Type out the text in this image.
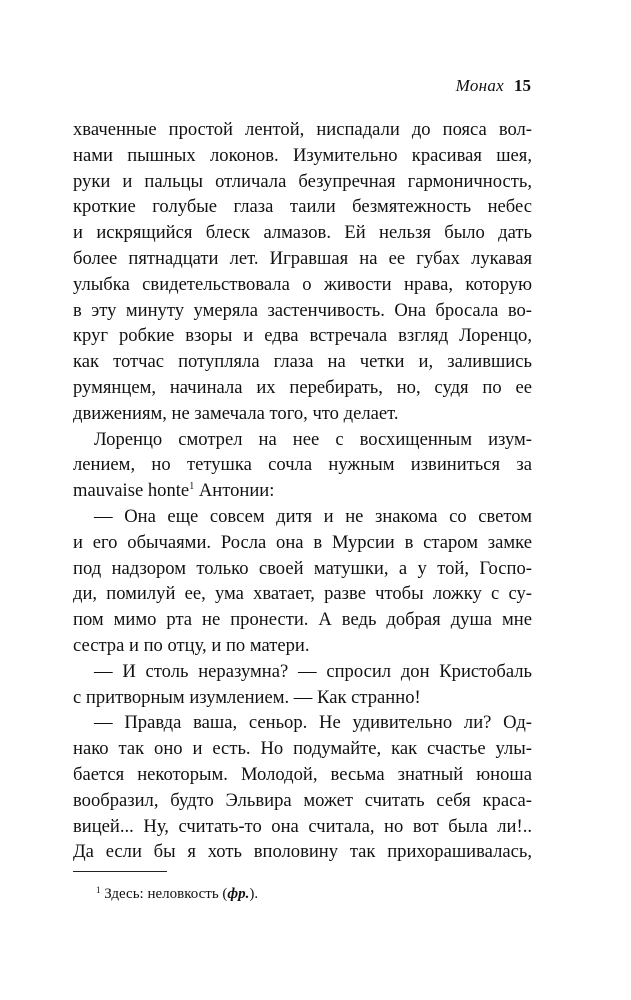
Монах 15
хваченные простой лентой, ниспадали до пояса вол-
нами пышных локонов. Изумительно красивая шея,
руки и пальцы отличала безупречная гармоничность,
кроткие голубые глаза таили безмятежность небес
и искрящийся блеск алмазов. Ей нельзя было дать
более пятнадцати лет. Игравшая на ее губах лукавая
улыбка свидетельствовала о живости нрава, которую
в эту минуту умеряла застенчивость. Она бросала во-
круг робкие взоры и едва встречала взгляд Лоренцо,
как тотчас потупляла глаза на четки и, залившись
румянцем, начинала их перебирать, но, судя по ее
движениям, не замечала того, что делает.
Лоренцо смотрел на нее с восхищенным изум-
лением, но тетушка сочла нужным извиниться за
mauvaise honte$^1$ Антонии:
— Она еще совсем дитя и не знакома со светом
и его обычаями. Росла она в Мурсии в старом замке
под надзором только своей матушки, а у той, Госпо-
ди, помилуй ее, ума хватает, разве чтобы ложку с су-
пом мимо рта не пронести. А ведь добрая душа мне
сестра и по отцу, и по матери.
— И столь неразумна? — спросил дон Кристобаль
с притворным изумлением. — Как странно!
— Правда ваша, сеньор. Не удивительно ли? Од-
нако так оно и есть. Но подумайте, как счастье улы-
бается некоторым. Молодой, весьма знатный юноша
вообразил, будто Эльвира может считать себя краса-
вицей... Ну, считать-то она считала, но вот была ли!..
Да если бы я хоть вполовину так прихорашивалась,
$^1$ Здесь: неловкость (фр.).
